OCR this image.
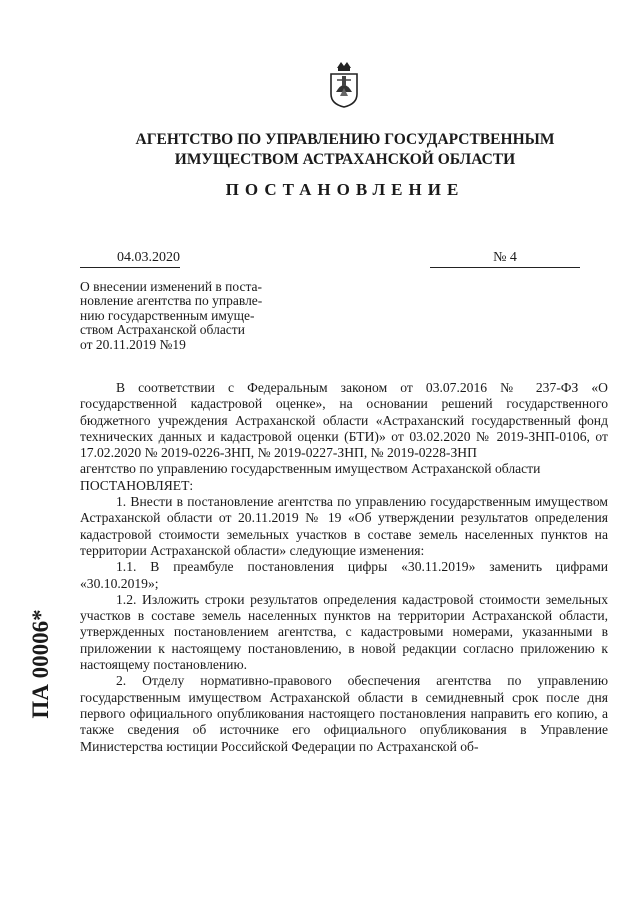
АГЕНТСТВО ПО УПРАВЛЕНИЮ ГОСУДАРСТВЕННЫМ
ИМУЩЕСТВОМ АСТРАХАНСКОЙ ОБЛАСТИ
ПОСТАНОВЛЕНИЕ
04.03.2020	№ 4
О внесении изменений в поста-
новление агентства по управле-
нию государственным имуще-
ством Астраханской области
от 20.11.2019 №19

В соответствии с Федеральным законом от 03.07.2016 № 237-ФЗ «О государственной кадастровой оценке», на основании решений государственного бюджетного учреждения Астраханской области «Астраханский государственный фонд технических данных и кадастровой оценки (БТИ)» от 03.02.2020 № 2019-ЗНП-0106, от 17.02.2020 № 2019-0226-ЗНП, № 2019-0227-ЗНП, № 2019-0228-ЗНП

агентство по управлению государственным имуществом Астраханской области

ПОСТАНОВЛЯЕТ:

1. Внести в постановление агентства по управлению государственным имуществом Астраханской области от 20.11.2019 № 19 «Об утверждении результатов определения кадастровой стоимости земельных участков в составе земель населенных пунктов на территории Астраханской области» следующие изменения:

1.1. В преамбуле постановления цифры «30.11.2019» заменить цифрами «30.10.2019»;

1.2. Изложить строки результатов определения кадастровой стоимости земельных участков в составе земель населенных пунктов на территории Астраханской области, утвержденных постановлением агентства, с кадастровыми номерами, указанными в приложении к настоящему постановлению, в новой редакции согласно приложению к настоящему постановлению.

2. Отделу нормативно-правового обеспечения агентства по управлению государственным имуществом Астраханской области в семидневный срок после дня первого официального опубликования настоящего постановления направить его копию, а также сведения об источнике его официального опубликования в Управление Министерства юстиции Российской Федерации по Астраханской об-

ПА 00006*
